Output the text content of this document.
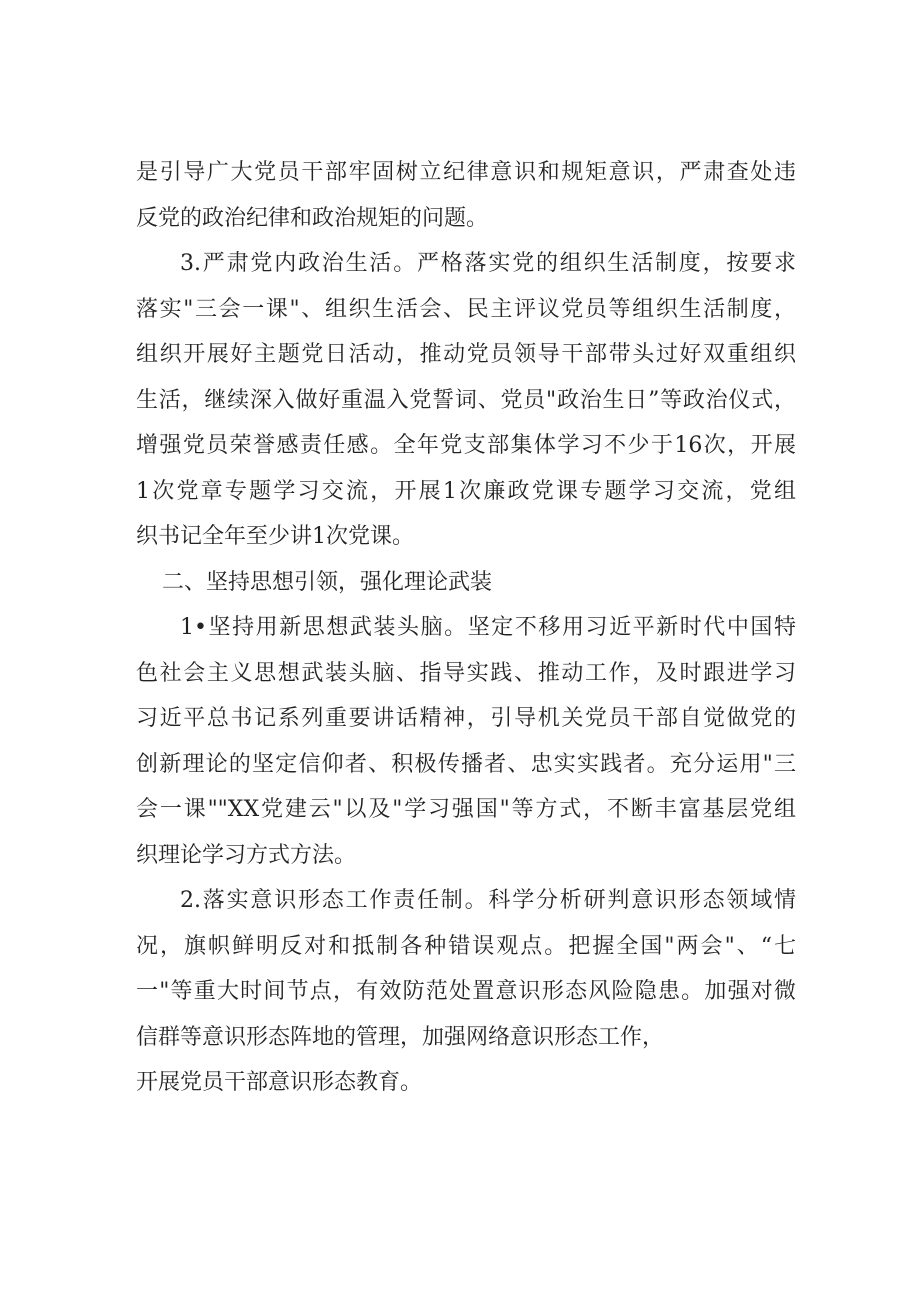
是引导广大党员干部牢固树立纪律意识和规矩意识，严肃查处违
反党的政治纪律和政治规矩的问题。
3.严肃党内政治生活。严格落实党的组织生活制度，按要求
落实"三会一课"、组织生活会、民主评议党员等组织生活制度，
组织开展好主题党日活动，推动党员领导干部带头过好双重组织
生活，继续深入做好重温入党誓词、党员"政治生日”等政治仪式，
增强党员荣誉感责任感。全年党支部集体学习不少于16次，开展
1次党章专题学习交流，开展1次廉政党课专题学习交流，党组
织书记全年至少讲1次党课。
二、坚持思想引领，强化理论武装
1•坚持用新思想武装头脑。坚定不移用习近平新时代中国特
色社会主义思想武装头脑、指导实践、推动工作，及时跟进学习
习近平总书记系列重要讲话精神，引导机关党员干部自觉做党的
创新理论的坚定信仰者、积极传播者、忠实实践者。充分运用"三
会一课""XX党建云"以及"学习强国"等方式，不断丰富基层党组
织理论学习方式方法。
2.落实意识形态工作责任制。科学分析研判意识形态领域情
况，旗帜鲜明反对和抵制各种错误观点。把握全国"两会"、“七
一"等重大时间节点，有效防范处置意识形态风险隐患。加强对微
信群等意识形态阵地的管理，加强网络意识形态工作，
开展党员干部意识形态教育。
